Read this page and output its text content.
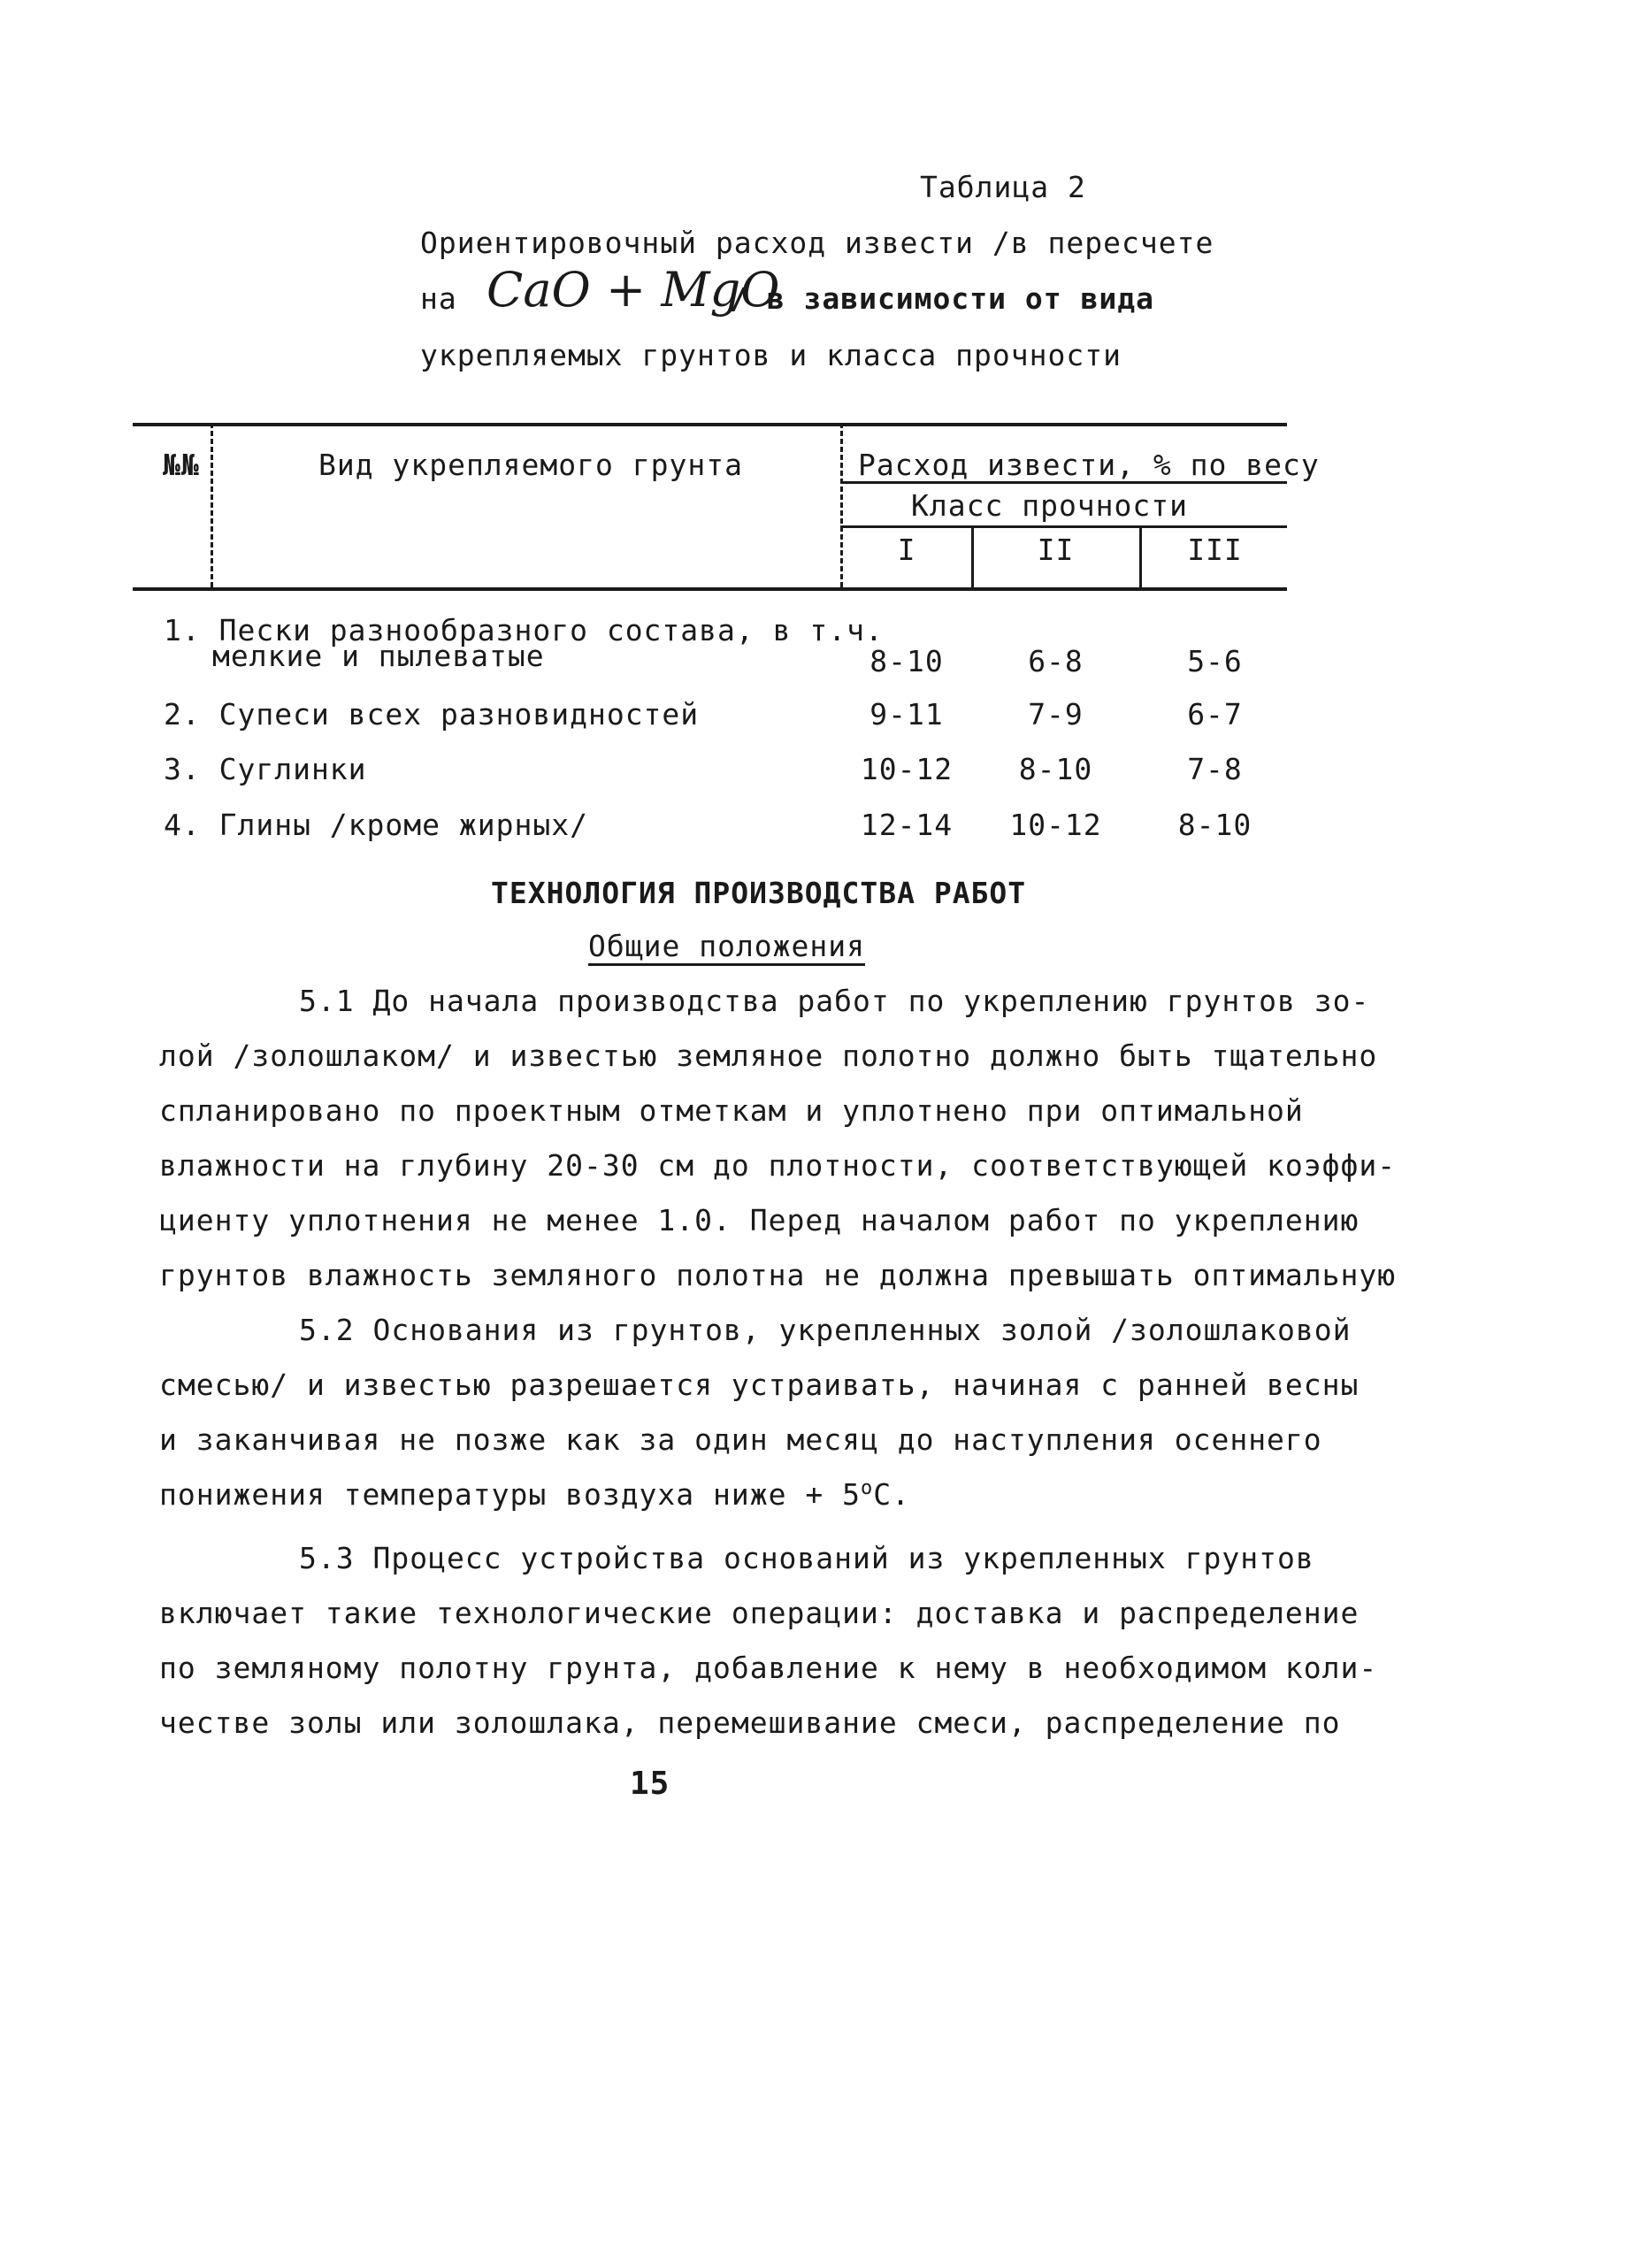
Таблица 2
Ориентировочный расход извести /в пересчете
на CaO + MgO
/ в зависимости от вида
укрепляемых грунтов и класса прочности
№№	Вид укрепляемого грунта	Расход извести, % по весу
Класс прочности
I	II	III
1. Пески разнообразного состава, в т.ч.
мелкие и пылеватые	8-10	6-8	5-6
2. Супеси всех разновидностей	9-11	7-9	6-7
3. Суглинки	10-12	8-10	7-8
4. Глины /кроме жирных/	12-14	10-12	8-10
ТЕХНОЛОГИЯ ПРОИЗВОДСТВА РАБОТ
Общие положения
5.1 До начала производства работ по укреплению грунтов зо-
лой /золошлаком/ и известью земляное полотно должно быть тщательно
спланировано по проектным отметкам и уплотнено при оптимальной
влажности на глубину 20-30 см до плотности, соответствующей коэффи-
циенту уплотнения не менее 1.0. Перед началом работ по укреплению
грунтов влажность земляного полотна не должна превышать оптимальную
5.2 Основания из грунтов, укрепленных золой /золошлаковой
смесью/ и известью разрешается устраивать, начиная с ранней весны
и заканчивая не позже как за один месяц до наступления осеннего
понижения температуры воздуха ниже + $5^оС$.
5.3 Процесс устройства оснований из укрепленных грунтов
включает такие технологические операции: доставка и распределение
по земляному полотну грунта, добавление к нему в необходимом коли-
честве золы или золошлака, перемешивание смеси, распределение по
15
